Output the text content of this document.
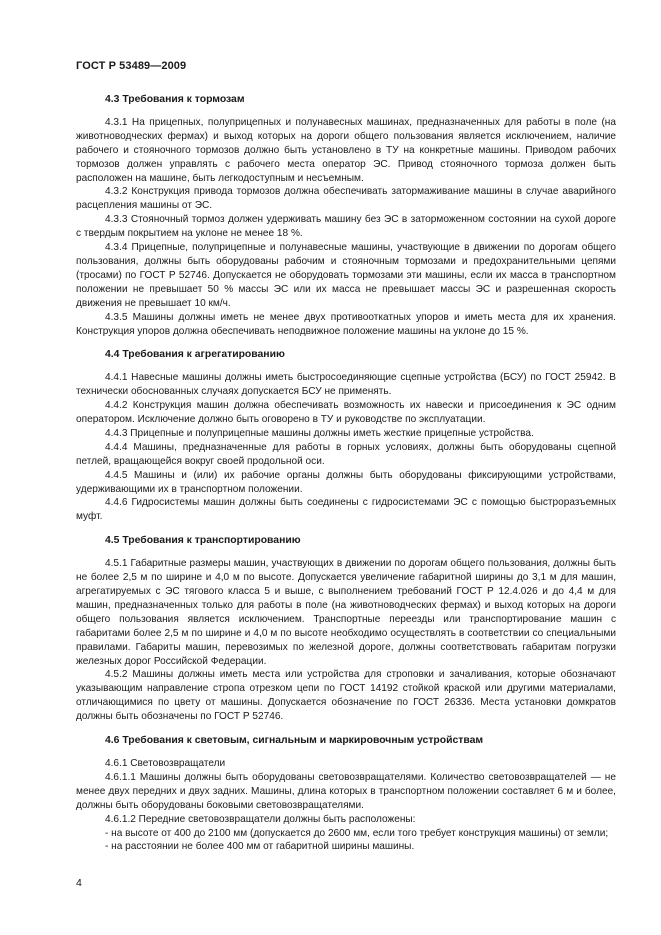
ГОСТ Р 53489—2009
4.3 Требования к тормозам

4.3.1 На прицепных, полуприцепных и полунавесных машинах, предназначенных для работы в поле (на животноводческих фермах) и выход которых на дороги общего пользования является исключением, наличие рабочего и стояночного тормозов должно быть установлено в ТУ на конкретные машины. Приводом рабочих тормозов должен управлять с рабочего места оператор ЭС. Привод стояночного тормоза должен быть расположен на машине, быть легкодоступным и несъемным.

4.3.2 Конструкция привода тормозов должна обеспечивать затормаживание машины в случае аварийного расцепления машины от ЭС.

4.3.3 Стояночный тормоз должен удерживать машину без ЭС в заторможенном состоянии на сухой дороге с твердым покрытием на уклоне не менее 18 %.

4.3.4 Прицепные, полуприцепные и полунавесные машины, участвующие в движении по дорогам общего пользования, должны быть оборудованы рабочим и стояночным тормозами и предохранительными цепями (тросами) по ГОСТ Р 52746. Допускается не оборудовать тормозами эти машины, если их масса в транспортном положении не превышает 50 % массы ЭС или их масса не превышает массы ЭС и разрешенная скорость движения не превышает 10 км/ч.

4.3.5 Машины должны иметь не менее двух противооткатных упоров и иметь места для их хранения. Конструкция упоров должна обеспечивать неподвижное положение машины на уклоне до 15 %.

4.4 Требования к агрегатированию

4.4.1 Навесные машины должны иметь быстросоединяющие сцепные устройства (БСУ) по ГОСТ 25942. В технически обоснованных случаях допускается БСУ не применять.

4.4.2 Конструкция машин должна обеспечивать возможность их навески и присоединения к ЭС одним оператором. Исключение должно быть оговорено в ТУ и руководстве по эксплуатации.

4.4.3 Прицепные и полуприцепные машины должны иметь жесткие прицепные устройства.

4.4.4 Машины, предназначенные для работы в горных условиях, должны быть оборудованы сцепной петлей, вращающейся вокруг своей продольной оси.

4.4.5 Машины и (или) их рабочие органы должны быть оборудованы фиксирующими устройствами, удерживающими их в транспортном положении.

4.4.6 Гидросистемы машин должны быть соединены с гидросистемами ЭС с помощью быстроразъемных муфт.

4.5 Требования к транспортированию

4.5.1 Габаритные размеры машин, участвующих в движении по дорогам общего пользования, должны быть не более 2,5 м по ширине и 4,0 м по высоте. Допускается увеличение габаритной ширины до 3,1 м для машин, агрегатируемых с ЭС тягового класса 5 и выше, с выполнением требований ГОСТ Р 12.4.026 и до 4,4 м для машин, предназначенных только для работы в поле (на животноводческих фермах) и выход которых на дороги общего пользования является исключением. Транспортные переезды или транспортирование машин с габаритами более 2,5 м по ширине и 4,0 м по высоте необходимо осуществлять в соответствии со специальными правилами. Габариты машин, перевозимых по железной дороге, должны соответствовать габаритам погрузки железных дорог Российской Федерации.

4.5.2 Машины должны иметь места или устройства для строповки и зачаливания, которые обозначают указывающим направление стропа отрезком цепи по ГОСТ 14192 стойкой краской или другими материалами, отличающимися по цвету от машины. Допускается обозначение по ГОСТ 26336. Места установки домкратов должны быть обозначены по ГОСТ Р 52746.

4.6 Требования к световым, сигнальным и маркировочным устройствам

4.6.1 Световозвращатели

4.6.1.1 Машины должны быть оборудованы световозвращателями. Количество световозвращателей — не менее двух передних и двух задних. Машины, длина которых в транспортном положении составляет 6 м и более, должны быть оборудованы боковыми световозвращателями.

4.6.1.2 Передние световозвращатели должны быть расположены:

- на высоте от 400 до 2100 мм (допускается до 2600 мм, если того требует конструкция машины) от земли;

- на расстоянии не более 400 мм от габаритной ширины машины.

4
